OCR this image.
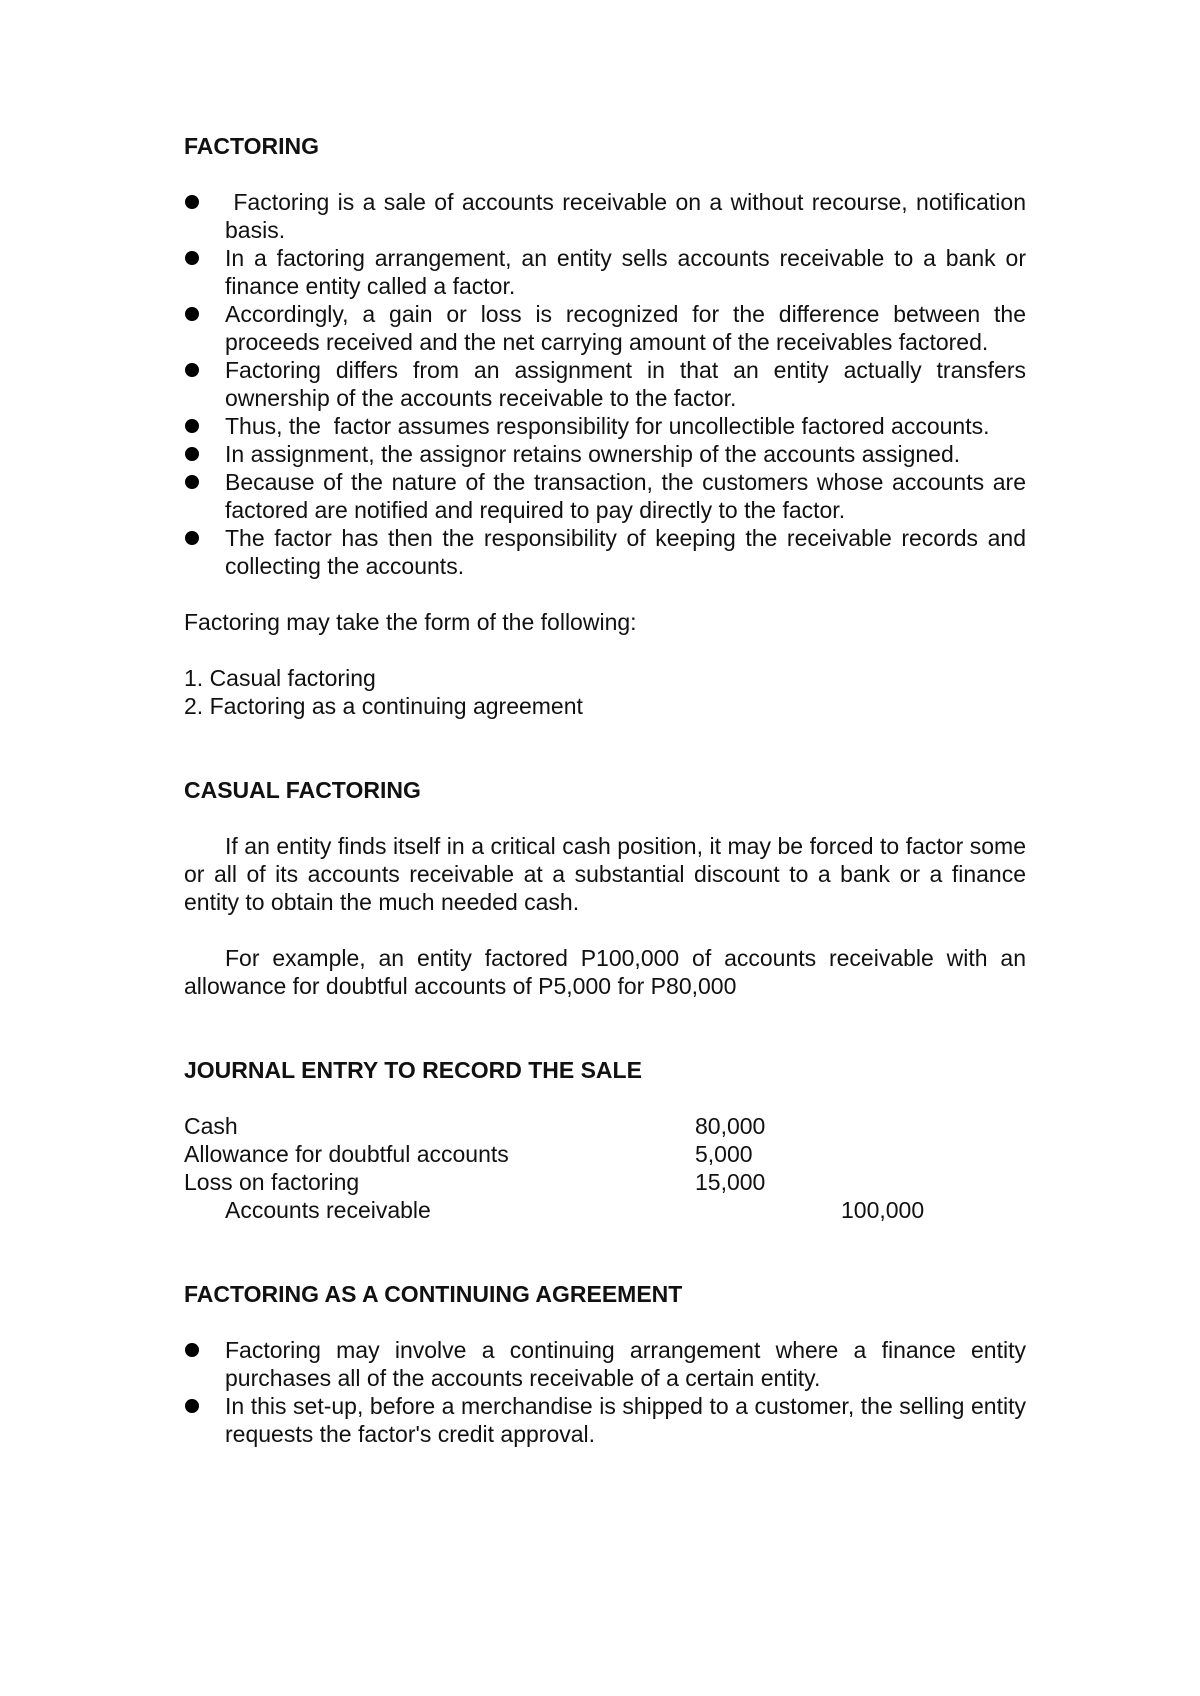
FACTORING

Factoring is a sale of accounts receivable on a without recourse, notification basis.
In a factoring arrangement, an entity sells accounts receivable to a bank or finance entity called a factor.
Accordingly, a gain or loss is recognized for the difference between the proceeds received and the net carrying amount of the receivables factored.
Factoring differs from an assignment in that an entity actually transfers ownership of the accounts receivable to the factor.
Thus, the  factor assumes responsibility for uncollectible factored accounts.
In assignment, the assignor retains ownership of the accounts assigned.
Because of the nature of the transaction, the customers whose accounts are factored are notified and required to pay directly to the factor.
The factor has then the responsibility of keeping the receivable records and collecting the accounts.

Factoring may take the form of the following:

1. Casual factoring

2. Factoring as a continuing agreement

CASUAL FACTORING

If an entity finds itself in a critical cash position, it may be forced to factor some or all of its accounts receivable at a substantial discount to a bank or a finance entity to obtain the much needed cash.

For example, an entity factored P100,000 of accounts receivable with an allowance for doubtful accounts of P5,000 for P80,000

JOURNAL ENTRY TO RECORD THE SALE

Cash	80,000
Allowance for doubtful accounts	5,000
Loss on factoring	15,000
Accounts receivable	100,000

FACTORING AS A CONTINUING AGREEMENT

Factoring may involve a continuing arrangement where a finance entity purchases all of the accounts receivable of a certain entity.
In this set-up, before a merchandise is shipped to a customer, the selling entity requests the factor's credit approval.
